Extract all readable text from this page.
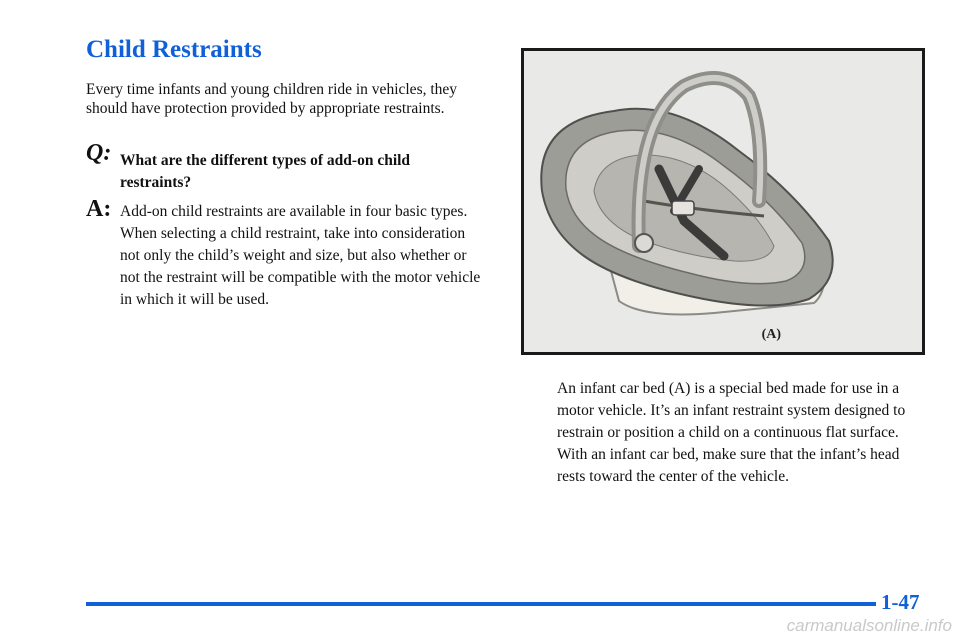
Child Restraints

Every time infants and young children ride in vehicles, they should have protection provided by appropriate restraints.

Q: What are the different types of add-on child restraints?
A: Add-on child restraints are available in four basic types. When selecting a child restraint, take into consideration not only the child’s weight and size, but also whether or not the restraint will be compatible with the motor vehicle in which it will be used.
(A)

An infant car bed (A) is a special bed made for use in a motor vehicle. It’s an infant restraint system designed to restrain or position a child on a continuous flat surface. With an infant car bed, make sure that the infant’s head rests toward the center of the vehicle.

1-47
carmanualsonline.info
